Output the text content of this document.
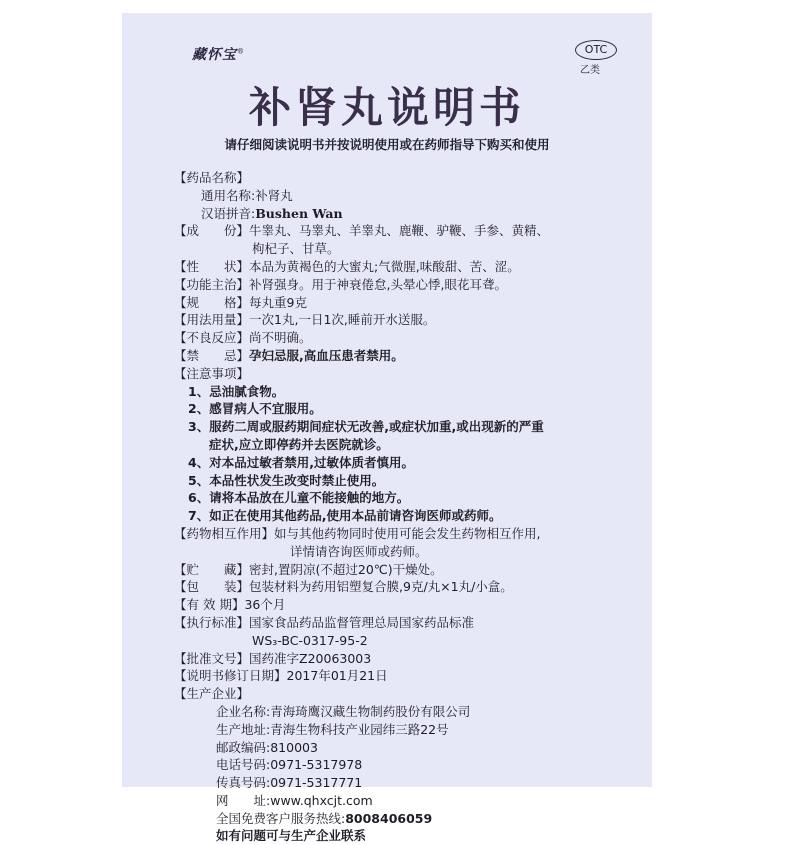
藏怀宝®	OTC
乙类
补肾丸说明书
请仔细阅读说明书并按说明使用或在药师指导下购买和使用
【药品名称】
通用名称:补肾丸
汉语拼音:Bushen Wan
【成　　份】牛睾丸、马睾丸、羊睾丸、鹿鞭、驴鞭、手参、黄精、
枸杞子、甘草。
【性　　状】本品为黄褐色的大蜜丸;气微腥,味酸甜、苦、涩。
【功能主治】补肾强身。用于神衰倦怠,头晕心悸,眼花耳聋。
【规　　格】每丸重9克
【用法用量】一次1丸,一日1次,睡前开水送服。
【不良反应】尚不明确。
【禁　　忌】孕妇忌服,高血压患者禁用。
【注意事项】
1、忌油腻食物。
2、感冒病人不宜服用。
3、服药二周或服药期间症状无改善,或症状加重,或出现新的严重
症状,应立即停药并去医院就诊。
4、对本品过敏者禁用,过敏体质者慎用。
5、本品性状发生改变时禁止使用。
6、请将本品放在儿童不能接触的地方。
7、如正在使用其他药品,使用本品前请咨询医师或药师。
【药物相互作用】如与其他药物同时使用可能会发生药物相互作用,
详情请咨询医师或药师。
【贮　　藏】密封,置阴凉(不超过20℃)干燥处。
【包　　装】包装材料为药用铝塑复合膜,9克/丸×1丸/小盒。
【有 效 期】36个月
【执行标准】国家食品药品监督管理总局国家药品标准
WS₃-BC-0317-95-2
【批准文号】国药准字Z20063003
【说明书修订日期】2017年01月21日
【生产企业】
企业名称:青海琦鹰汉藏生物制药股份有限公司
生产地址:青海生物科技产业园纬三路22号
邮政编码:810003
电话号码:0971-5317978
传真号码:0971-5317771
网　　址:www.qhxcjt.com
全国免费客户服务热线:8008406059
如有问题可与生产企业联系
